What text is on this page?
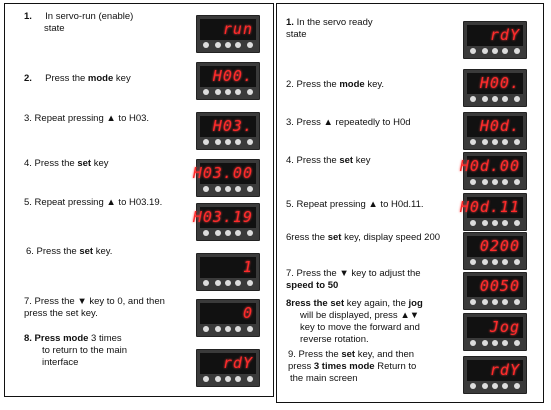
1. In servo-run (enable)
state
2. Press the mode key
3. Repeat pressing ▲ to H03.
4. Press the set key
5. Repeat pressing ▲ to H03.19.
6. Press the set key.
7. Press the ▼ key to 0, and then
press the set key.
8. Press mode 3 times
to return to the main
interface
1. In the servo ready
state
2. Press the mode key.
3. Press ▲ repeatedly to H0d
4. Press the set key
5. Repeat pressing ▲ to H0d.11.
6ress the set key, display speed 200
7. Press the ▼ key to adjust the
speed to 50
8ress the set key again, the jog
will be displayed, press ▲▼
key to move the forward and
reverse rotation.
9. Press the set key, and then
press 3 times mode Return to
the main screen
run
H00.
H03.
H03.00
H03.19
1
0
rdY
rdY
H00.
H0d.
H0d.00
H0d.11
0200
0050
Jog
rdY
